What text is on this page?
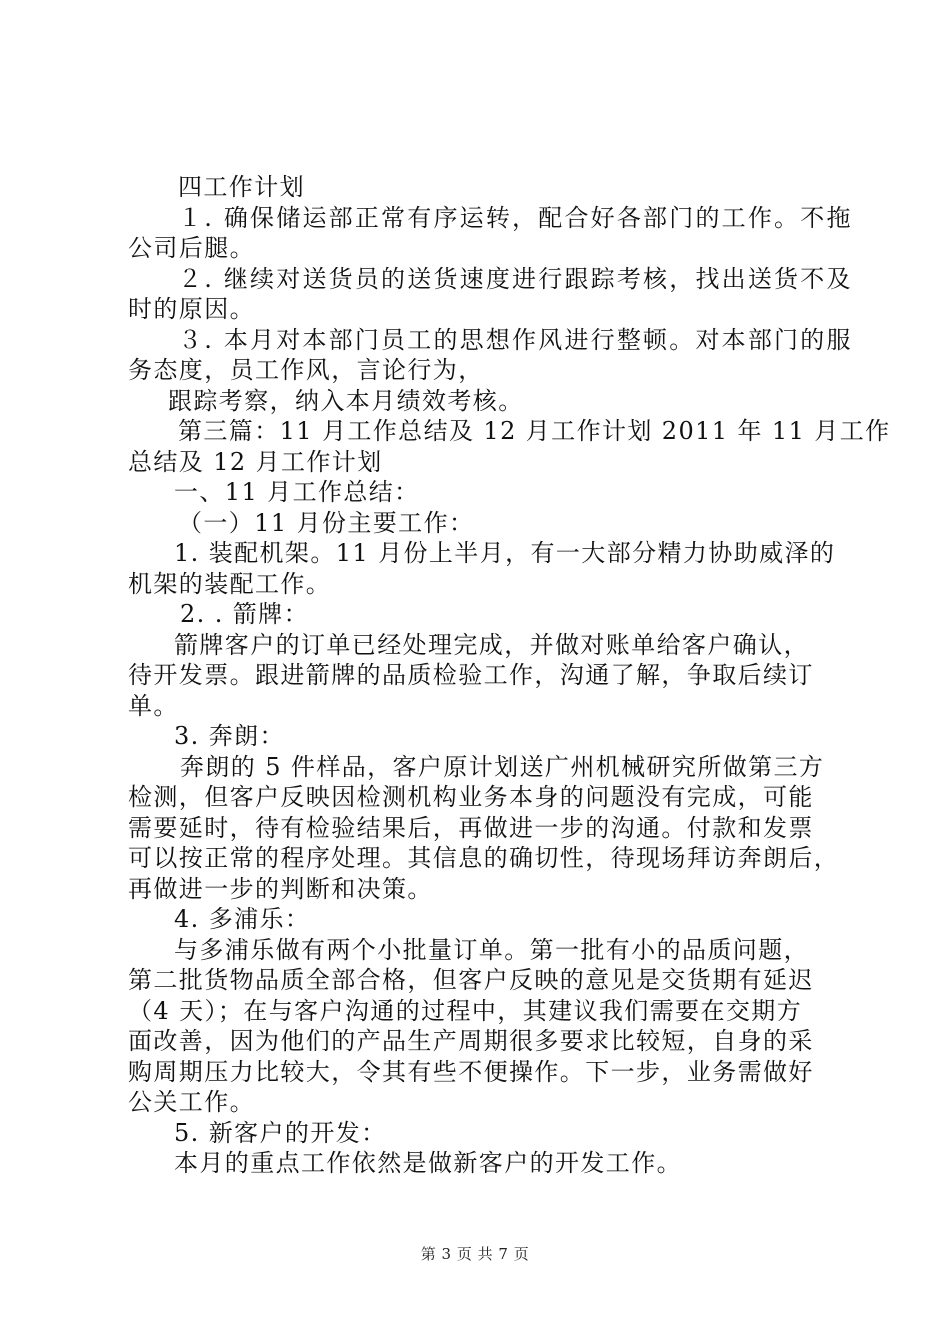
四工作计划
１. 确保储运部正常有序运转，配合好各部门的工作。不拖
公司后腿。
２. 继续对送货员的送货速度进行跟踪考核，找出送货不及
时的原因。
３. 本月对本部门员工的思想作风进行整顿。对本部门的服
务态度，员工作风，言论行为，
跟踪考察，纳入本月绩效考核。
第三篇：11 月工作总结及 12 月工作计划 2011 年 11 月工作
总结及 12 月工作计划
一、11 月工作总结：
（一）11 月份主要工作：
1. 装配机架。11 月份上半月，有一大部分精力协助威泽的
机架的装配工作。
2. . 箭牌：
箭牌客户的订单已经处理完成，并做对账单给客户确认，
待开发票。跟进箭牌的品质检验工作，沟通了解，争取后续订
单。
3. 奔朗：
奔朗的 5 件样品，客户原计划送广州机械研究所做第三方
检测，但客户反映因检测机构业务本身的问题没有完成，可能
需要延时，待有检验结果后，再做进一步的沟通。付款和发票
可以按正常的程序处理。其信息的确切性，待现场拜访奔朗后，
再做进一步的判断和决策。
4. 多浦乐：
与多浦乐做有两个小批量订单。第一批有小的品质问题，
第二批货物品质全部合格，但客户反映的意见是交货期有延迟
（4 天）；在与客户沟通的过程中，其建议我们需要在交期方
面改善，因为他们的产品生产周期很多要求比较短，自身的采
购周期压力比较大，令其有些不便操作。下一步，业务需做好
公关工作。
5. 新客户的开发：
本月的重点工作依然是做新客户的开发工作。
第 3 页 共 7 页
